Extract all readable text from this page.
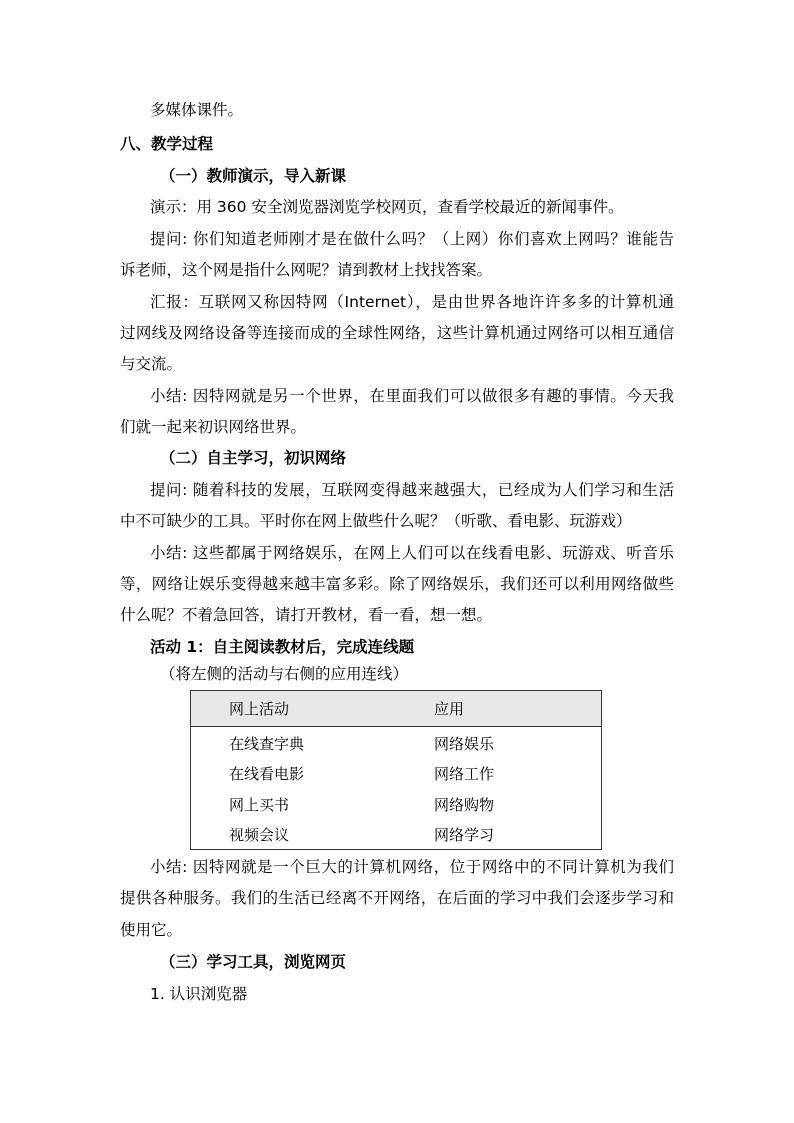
多媒体课件。
八、教学过程
（一）教师演示，导入新课
演示：用 360 安全浏览器浏览学校网页，查看学校最近的新闻事件。
提问: 你们知道老师刚才是在做什么吗？（上网）你们喜欢上网吗？谁能告
诉老师，这个网是指什么网呢？请到教材上找找答案。
汇报：互联网又称因特网（Internet），是由世界各地许许多多的计算机通
过网线及网络设备等连接而成的全球性网络，这些计算机通过网络可以相互通信
与交流。
小结: 因特网就是另一个世界，在里面我们可以做很多有趣的事情。今天我
们就一起来初识网络世界。
（二）自主学习，初识网络
提问: 随着科技的发展，互联网变得越来越强大，已经成为人们学习和生活
中不可缺少的工具。平时你在网上做些什么呢？（听歌、看电影、玩游戏）
小结: 这些都属于网络娱乐，在网上人们可以在线看电影、玩游戏、听音乐
等，网络让娱乐变得越来越丰富多彩。除了网络娱乐，我们还可以利用网络做些
什么呢？不着急回答，请打开教材，看一看，想一想。
活动 1：自主阅读教材后，完成连线题
（将左侧的活动与右侧的应用连线）
网上活动	应用
在线查字典	网络娱乐
在线看电影	网络工作
网上买书	网络购物
视频会议	网络学习
小结: 因特网就是一个巨大的计算机网络，位于网络中的不同计算机为我们
提供各种服务。我们的生活已经离不开网络，在后面的学习中我们会逐步学习和
使用它。
（三）学习工具，浏览网页
1. 认识浏览器
